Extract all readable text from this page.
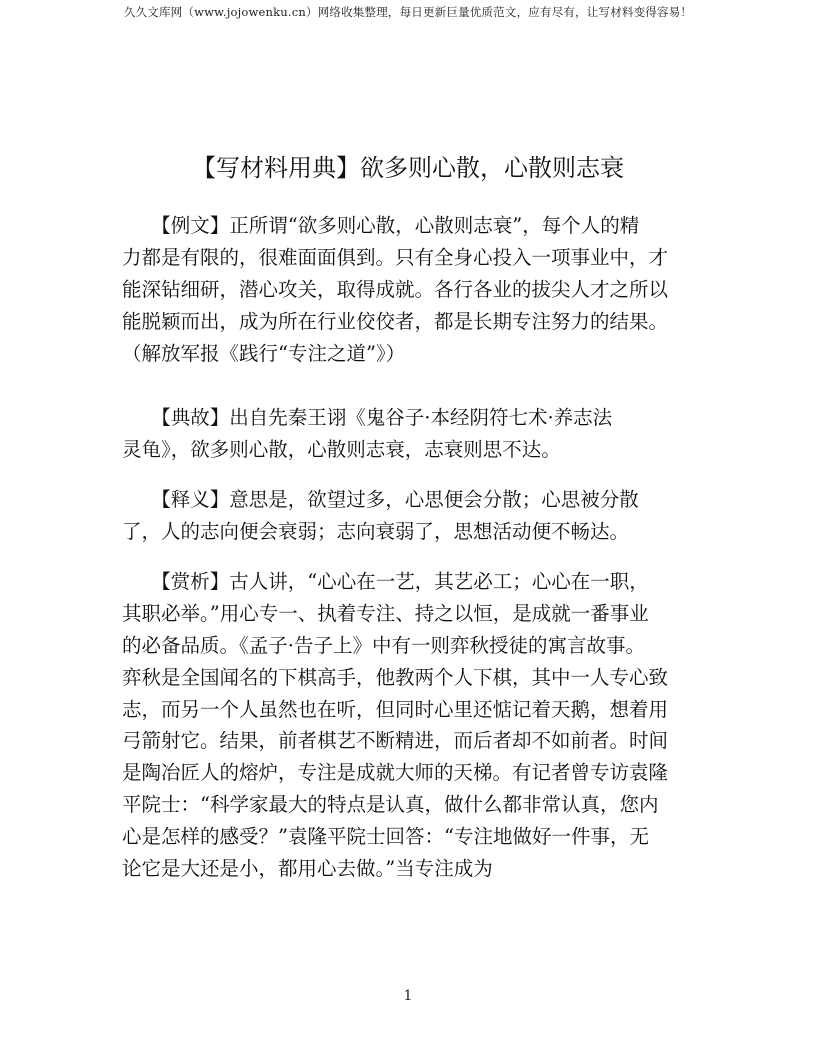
久久文库网（www.jojowenku.cn）网络收集整理，每日更新巨量优质范文，应有尽有，让写材料变得容易！
【写材料用典】欲多则心散，心散则志衰
　　【例文】正所谓“欲多则心散，心散则志衰”，每个人的精
力都是有限的，很难面面俱到。只有全身心投入一项事业中，才
能深钻细研，潜心攻关，取得成就。各行各业的拔尖人才之所以
能脱颖而出，成为所在行业佼佼者，都是长期专注努力的结果。
（解放军报《践行“专注之道”》）
　　【典故】出自先秦王诩《鬼谷子·本经阴符七术·养志法
灵龟》，欲多则心散，心散则志衰，志衰则思不达。
　　【释义】意思是，欲望过多，心思便会分散；心思被分散
了，人的志向便会衰弱；志向衰弱了，思想活动便不畅达。
　　【赏析】古人讲，“心心在一艺，其艺必工；心心在一职，
其职必举。”用心专一、执着专注、持之以恒，是成就一番事业
的必备品质。《孟子·告子上》中有一则弈秋授徒的寓言故事。
弈秋是全国闻名的下棋高手，他教两个人下棋，其中一人专心致
志，而另一个人虽然也在听，但同时心里还惦记着天鹅，想着用
弓箭射它。结果，前者棋艺不断精进，而后者却不如前者。时间
是陶冶匠人的熔炉，专注是成就大师的天梯。有记者曾专访袁隆
平院士：“科学家最大的特点是认真，做什么都非常认真，您内
心是怎样的感受？”袁隆平院士回答：“专注地做好一件事，无
论它是大还是小，都用心去做。”当专注成为
1
